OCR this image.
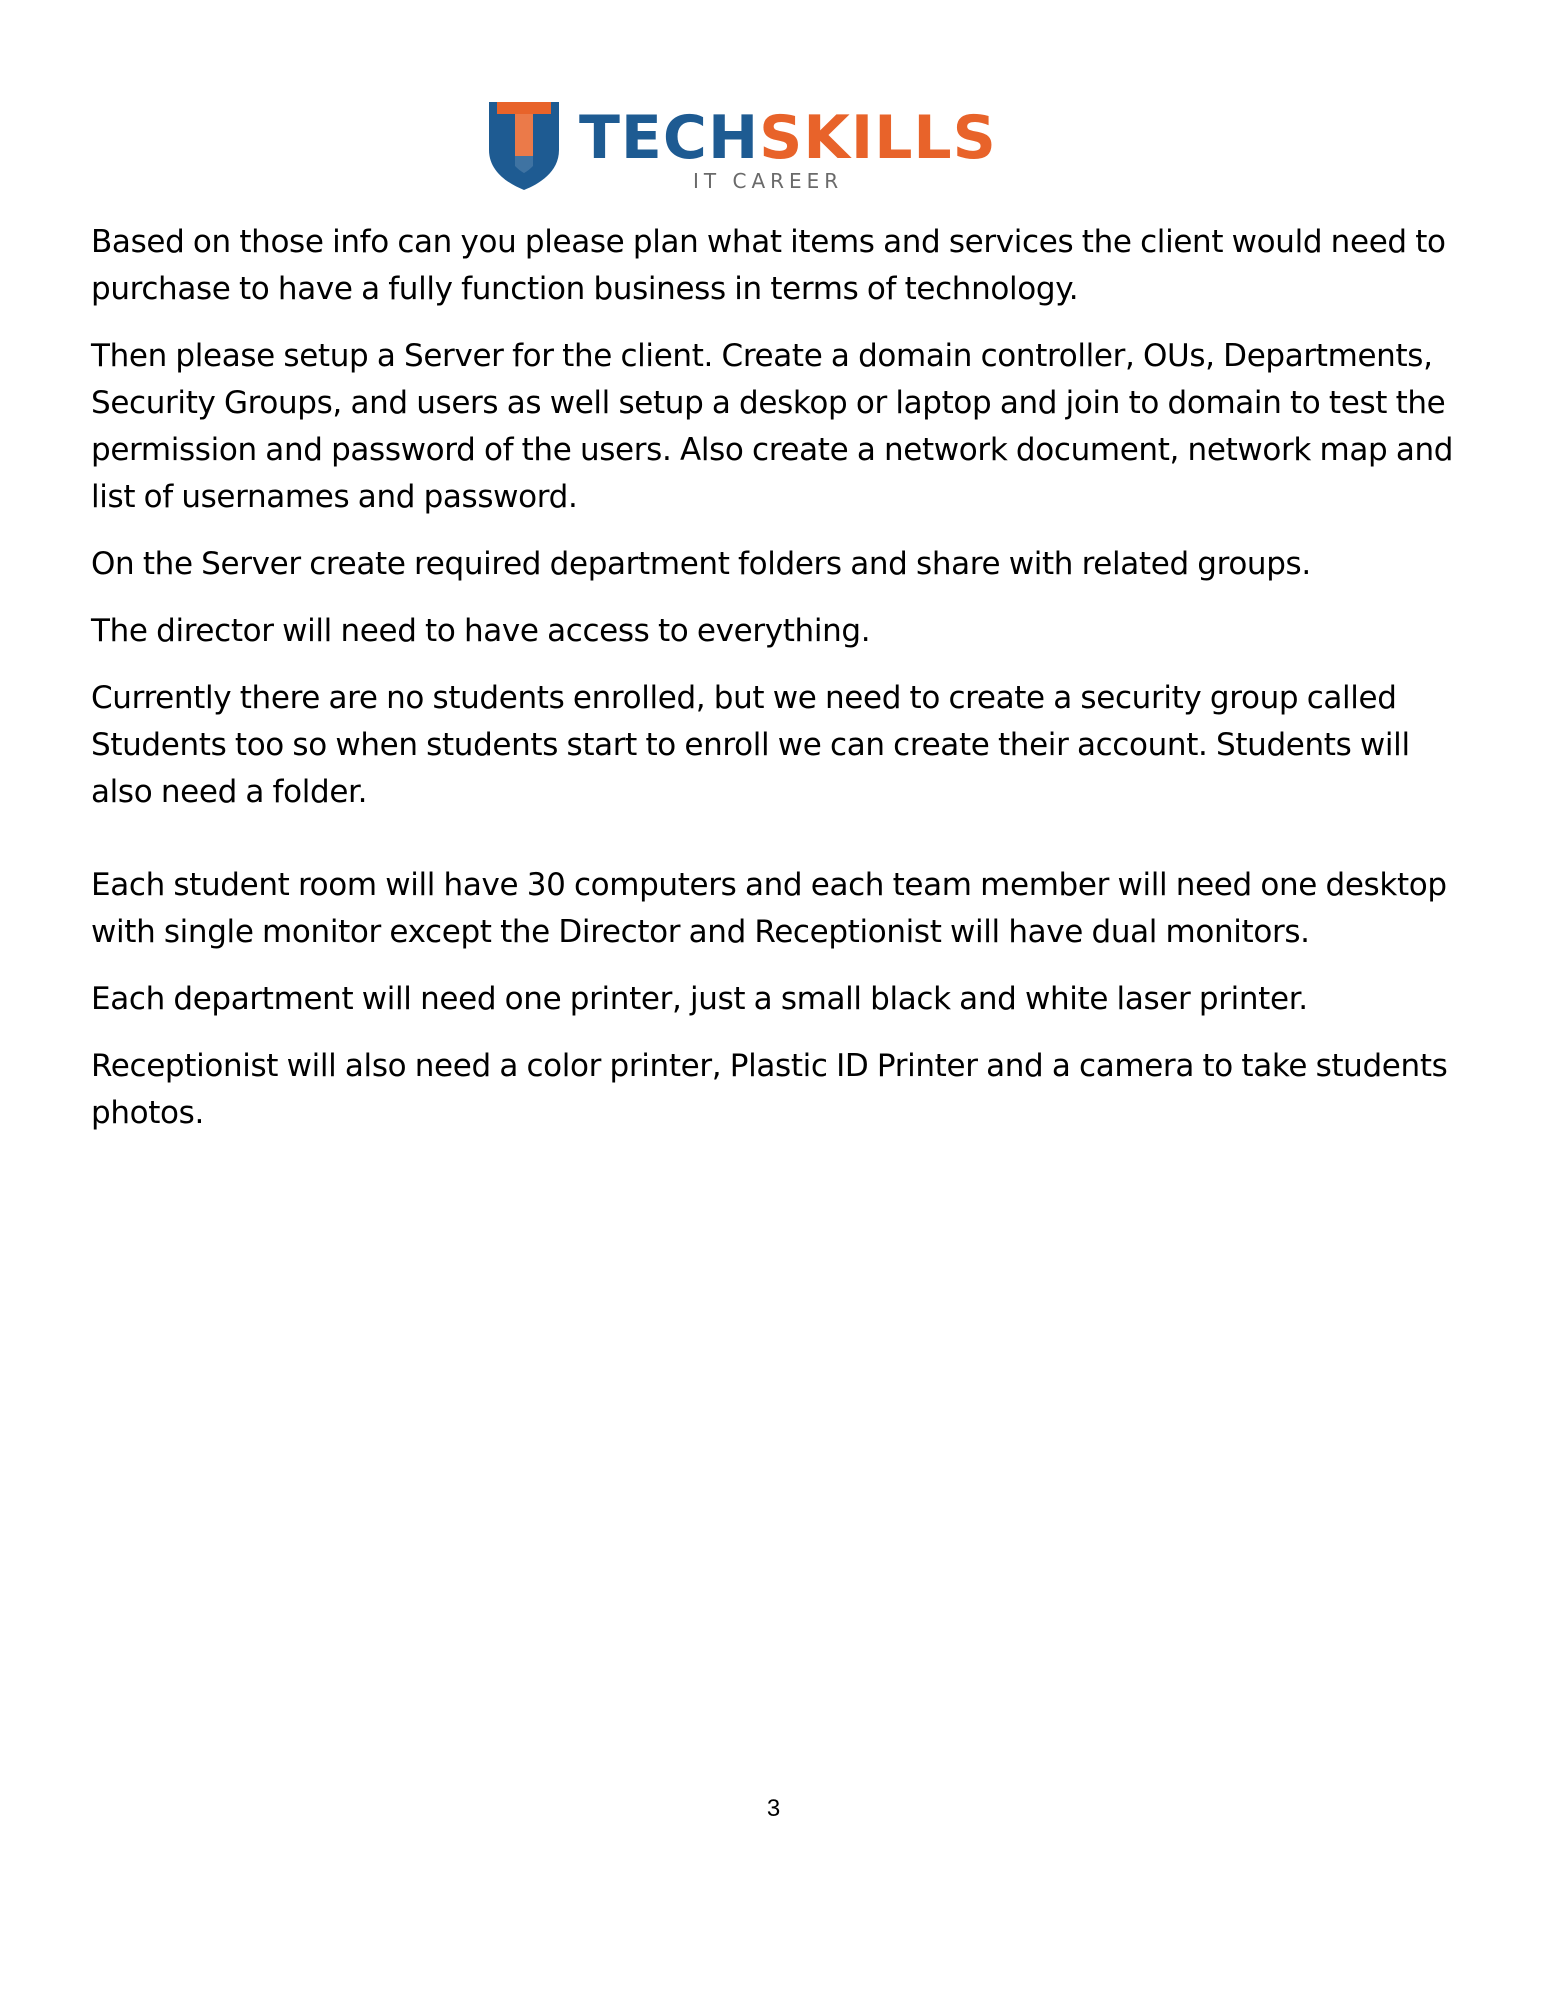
TECHSKILLS
IT CAREER

Based on those info can you please plan what items and services the client would need to purchase to have a fully function business in terms of technology.

Then please setup a Server for the client. Create a domain controller, OUs, Departments, Security Groups, and users as well setup a deskop or laptop and join to domain to test the permission and password of the users. Also create a network document, network map and list of usernames and password.

On the Server create required department folders and share with related groups.

The director will need to have access to everything.

Currently there are no students enrolled, but we need to create a security group called Students too so when students start to enroll we can create their account. Students will also need a folder.

Each student room will have 30 computers and each team member will need one desktop with single monitor except the Director and Receptionist will have dual monitors.

Each department will need one printer, just a small black and white laser printer.

Receptionist will also need a color printer, Plastic ID Printer and a camera to take students photos.

3
